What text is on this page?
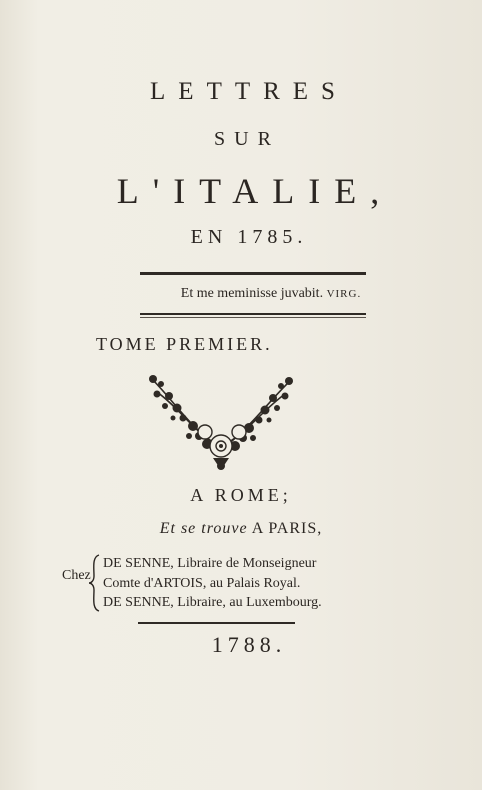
LETTRES
SUR
L'ITALIE,
EN 1785.
Et me meminisse juvabit. VIRG.
TOME PREMIER.
A ROME;
Et se trouve A PARIS,
Chez
DE SENNE, Libraire de Monseigneur
Comte d'ARTOIS, au Palais Royal.
DE SENNE, Libraire, au Luxembourg.
1788.
